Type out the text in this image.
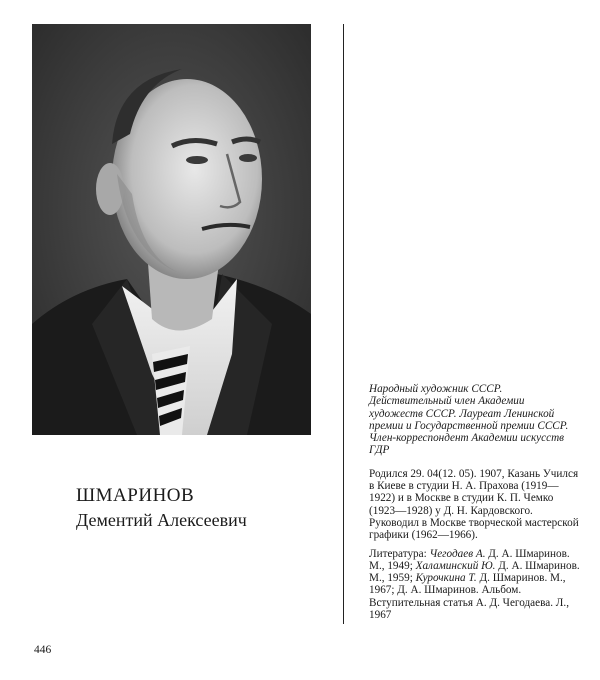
ШМАРИНОВ

Дементий Алексеевич

Народный художник СССР. Действительный член Академии художеств СССР. Лауреат Ленинской премии и Государственной премии СССР. Член-корреспондент Академии искусств ГДР

Родился 29. 04(12. 05). 1907, Казань Учился в Киеве в студии Н. А. Прахова (1919—1922) и в Москве в студии К. П. Чемко (1923—1928) у Д. Н. Кардовского. Руководил в Москве творческой мастерской графики (1962—1966).

Литература: Чегодаев А. Д. А. Шмаринов. М., 1949; Халаминский Ю. Д. А. Шмаринов. М., 1959; Курочкина Т. Д. Шмаринов. М., 1967; Д. А. Шмаринов. Альбом. Вступительная статья А. Д. Чегодаева. Л., 1967

446
